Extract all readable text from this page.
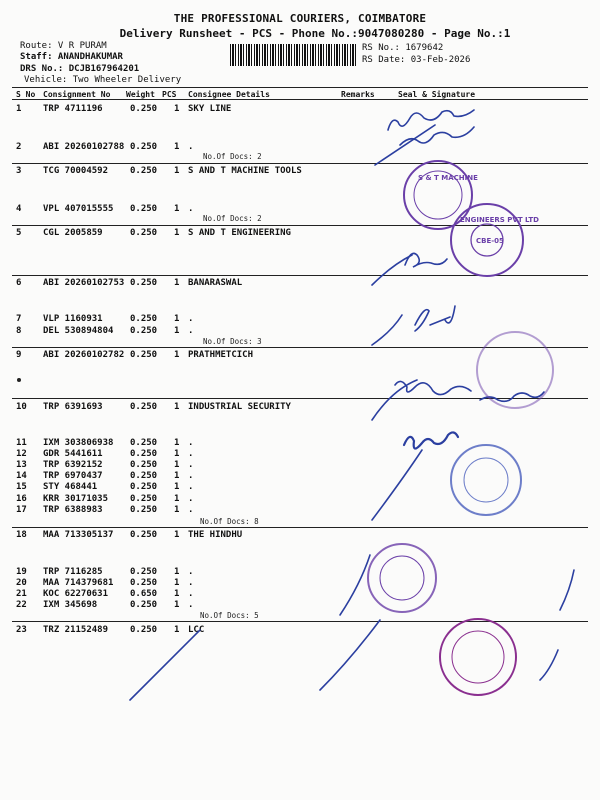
THE PROFESSIONAL COURIERS, COIMBATORE
Delivery Runsheet - PCS - Phone No.:9047080280 - Page No.:1
Route: V R PURAM
Staff: ANANDHAKUMAR
DRS No.: DCJB167964201
Vehicle: Two Wheeler Delivery
RS No.: 1679642
RS Date: 03-Feb-2026
S No Consignment No Weight PCS Consignee Details	Remarks	Seal & Signature
1 TRP 4711196	0.250 1 SKY LINE
2 ABI 20260102788 0.250 1 .
3 TCG 70004592 0.250 1 S AND T MACHINE TOOLS
4 VPL 407015555 0.250 1 .
5 CGL 2005859	0.250 1 S AND T ENGINEERING
6 ABI 20260102753 0.250 1 BANARASWAL
7 VLP 1160931	0.250 1 .
8 DEL 530894804 0.250 1 .
9 ABI 20260102782 0.250 1 PRATHMETCICH
10 TRP 6391693	0.250 1 INDUSTRIAL SECURITY
11 IXM 303806938 0.250 1 .
12 GDR 5441611	0.250 1 .
13 TRP 6392152	0.250 1 .
14 TRP 6970437	0.250 1 .
15 STY 468441	0.250 1 .
16 KRR 30171035 0.250 1 .
17 TRP 6388983	0.250 1 .
18 MAA 713305137 0.250 1 THE HINDHU
19 TRP 7116285	0.250 1 .
20 MAA 714379681 0.250 1 .
21 KOC 62270631 0.650 1 .
22 IXM 345698	0.250 1 .
23 TRZ 21152489 0.250 1 LCC
No.Of Docs: 2
No.Of Docs: 2
No.Of Docs: 3
No.Of Docs: 8
No.Of Docs: 5
S & T MACHINE
ENGINEERS PVT LTD
CBE-05
